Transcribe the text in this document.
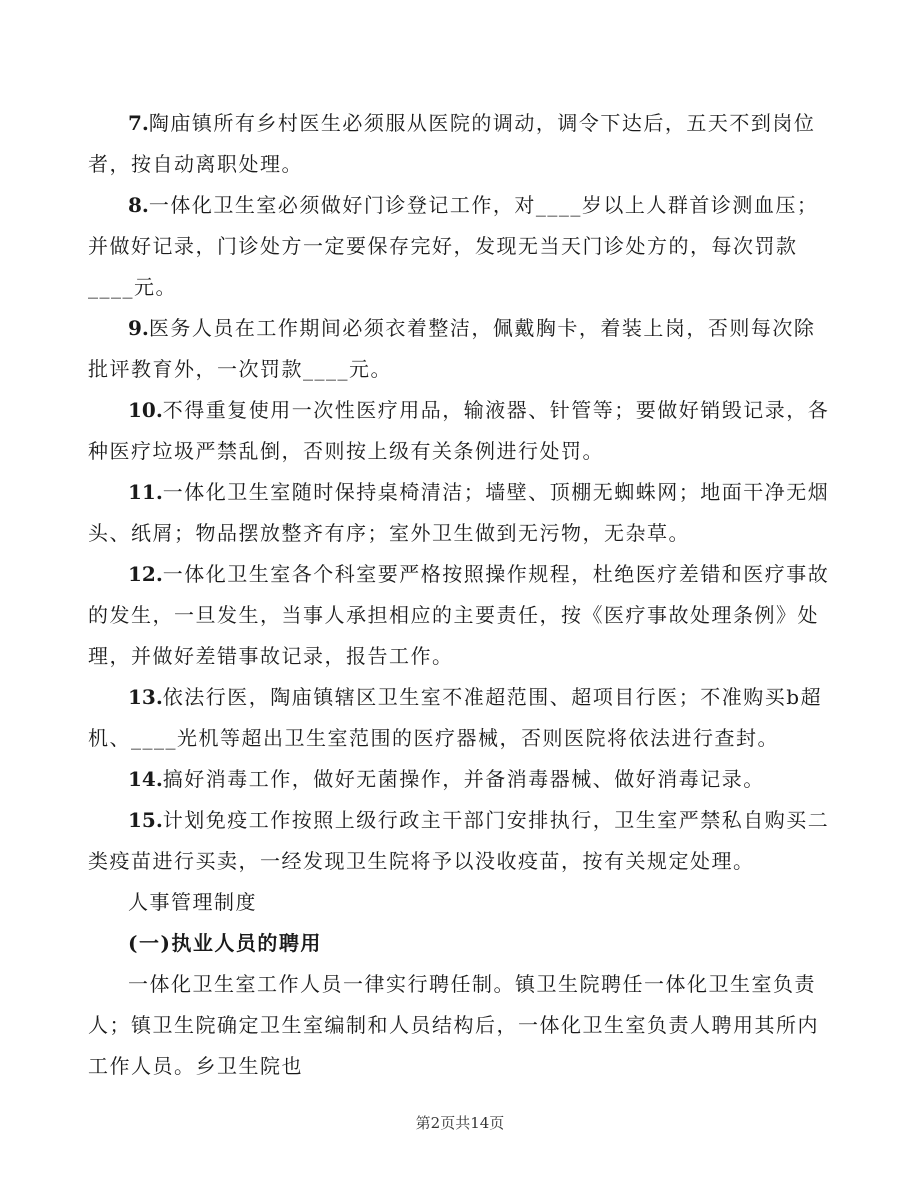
7.陶庙镇所有乡村医生必须服从医院的调动，调令下达后，五天不到岗位者，按自动离职处理。

8.一体化卫生室必须做好门诊登记工作，对____岁以上人群首诊测血压；并做好记录，门诊处方一定要保存完好，发现无当天门诊处方的，每次罚款____元。

9.医务人员在工作期间必须衣着整洁，佩戴胸卡，着装上岗，否则每次除批评教育外，一次罚款____元。

10.不得重复使用一次性医疗用品，输液器、针管等；要做好销毁记录，各种医疗垃圾严禁乱倒，否则按上级有关条例进行处罚。

11.一体化卫生室随时保持桌椅清洁；墙壁、顶棚无蜘蛛网；地面干净无烟头、纸屑；物品摆放整齐有序；室外卫生做到无污物，无杂草。

12.一体化卫生室各个科室要严格按照操作规程，杜绝医疗差错和医疗事故的发生，一旦发生，当事人承担相应的主要责任，按《医疗事故处理条例》处理，并做好差错事故记录，报告工作。

13.依法行医，陶庙镇辖区卫生室不准超范围、超项目行医；不准购买b超机、____光机等超出卫生室范围的医疗器械，否则医院将依法进行查封。

14.搞好消毒工作，做好无菌操作，并备消毒器械、做好消毒记录。

15.计划免疫工作按照上级行政主干部门安排执行，卫生室严禁私自购买二类疫苗进行买卖，一经发现卫生院将予以没收疫苗，按有关规定处理。

人事管理制度

(一)执业人员的聘用

一体化卫生室工作人员一律实行聘任制。镇卫生院聘任一体化卫生室负责人；镇卫生院确定卫生室编制和人员结构后，一体化卫生室负责人聘用其所内工作人员。乡卫生院也

第2页共14页
